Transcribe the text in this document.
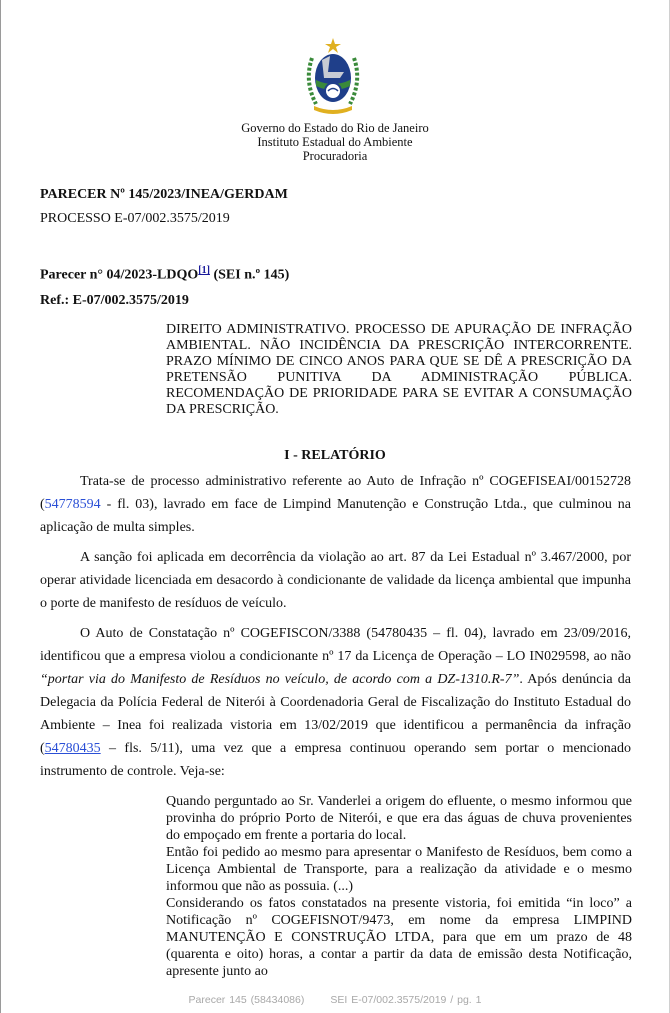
Governo do Estado do Rio de Janeiro
Instituto Estadual do Ambiente
Procuradoria
PARECER Nº 145/2023/INEA/GERDAM
PROCESSO E-07/002.3575/2019
Parecer n° 04/2023-LDQO[1] (SEI n.º 145)
Ref.: E-07/002.3575/2019
DIREITO ADMINISTRATIVO. PROCESSO DE APURAÇÃO DE INFRAÇÃO AMBIENTAL. NÃO INCIDÊNCIA DA PRESCRIÇÃO INTERCORRENTE. PRAZO MÍNIMO DE CINCO ANOS PARA QUE SE DÊ A PRESCRIÇÃO DA PRETENSÃO PUNITIVA DA ADMINISTRAÇÃO PÚBLICA. RECOMENDAÇÃO DE PRIORIDADE PARA SE EVITAR A CONSUMAÇÃO DA PRESCRIÇÃO.
I - RELATÓRIO

Trata-se de processo administrativo referente ao Auto de Infração nº COGEFISEAI/00152728 (54778594 - fl. 03), lavrado em face de Limpind Manutenção e Construção Ltda., que culminou na aplicação de multa simples.

A sanção foi aplicada em decorrência da violação ao art. 87 da Lei Estadual nº 3.467/2000, por operar atividade licenciada em desacordo à condicionante de validade da licença ambiental que impunha o porte de manifesto de resíduos de veículo.

O Auto de Constatação nº COGEFISCON/3388 (54780435 – fl. 04), lavrado em 23/09/2016, identificou que a empresa violou a condicionante nº 17 da Licença de Operação – LO IN029598, ao não “portar via do Manifesto de Resíduos no veículo, de acordo com a DZ-1310.R-7”. Após denúncia da Delegacia da Polícia Federal de Niterói à Coordenadoria Geral de Fiscalização do Instituto Estadual do Ambiente – Inea foi realizada vistoria em 13/02/2019 que identificou a permanência da infração (54780435 – fls. 5/11), uma vez que a empresa continuou operando sem portar o mencionado instrumento de controle. Veja-se:

Quando perguntado ao Sr. Vanderlei a origem do efluente, o mesmo informou que provinha do próprio Porto de Niterói, e que era das águas de chuva provenientes do empoçado em frente a portaria do local.

Então foi pedido ao mesmo para apresentar o Manifesto de Resíduos, bem como a Licença Ambiental de Transporte, para a realização da atividade e o mesmo informou que não as possuia. (...)

Considerando os fatos constatados na presente vistoria, foi emitida “in loco” a Notificação nº COGEFISNOT/9473, em nome da empresa LIMPIND MANUTENÇÃO E CONSTRUÇÃO LTDA, para que em um prazo de 48 (quarenta e oito) horas, a contar a partir da data de emissão desta Notificação, apresente junto ao

Parecer 145 (58434086) SEI E-07/002.3575/2019 / pg. 1
